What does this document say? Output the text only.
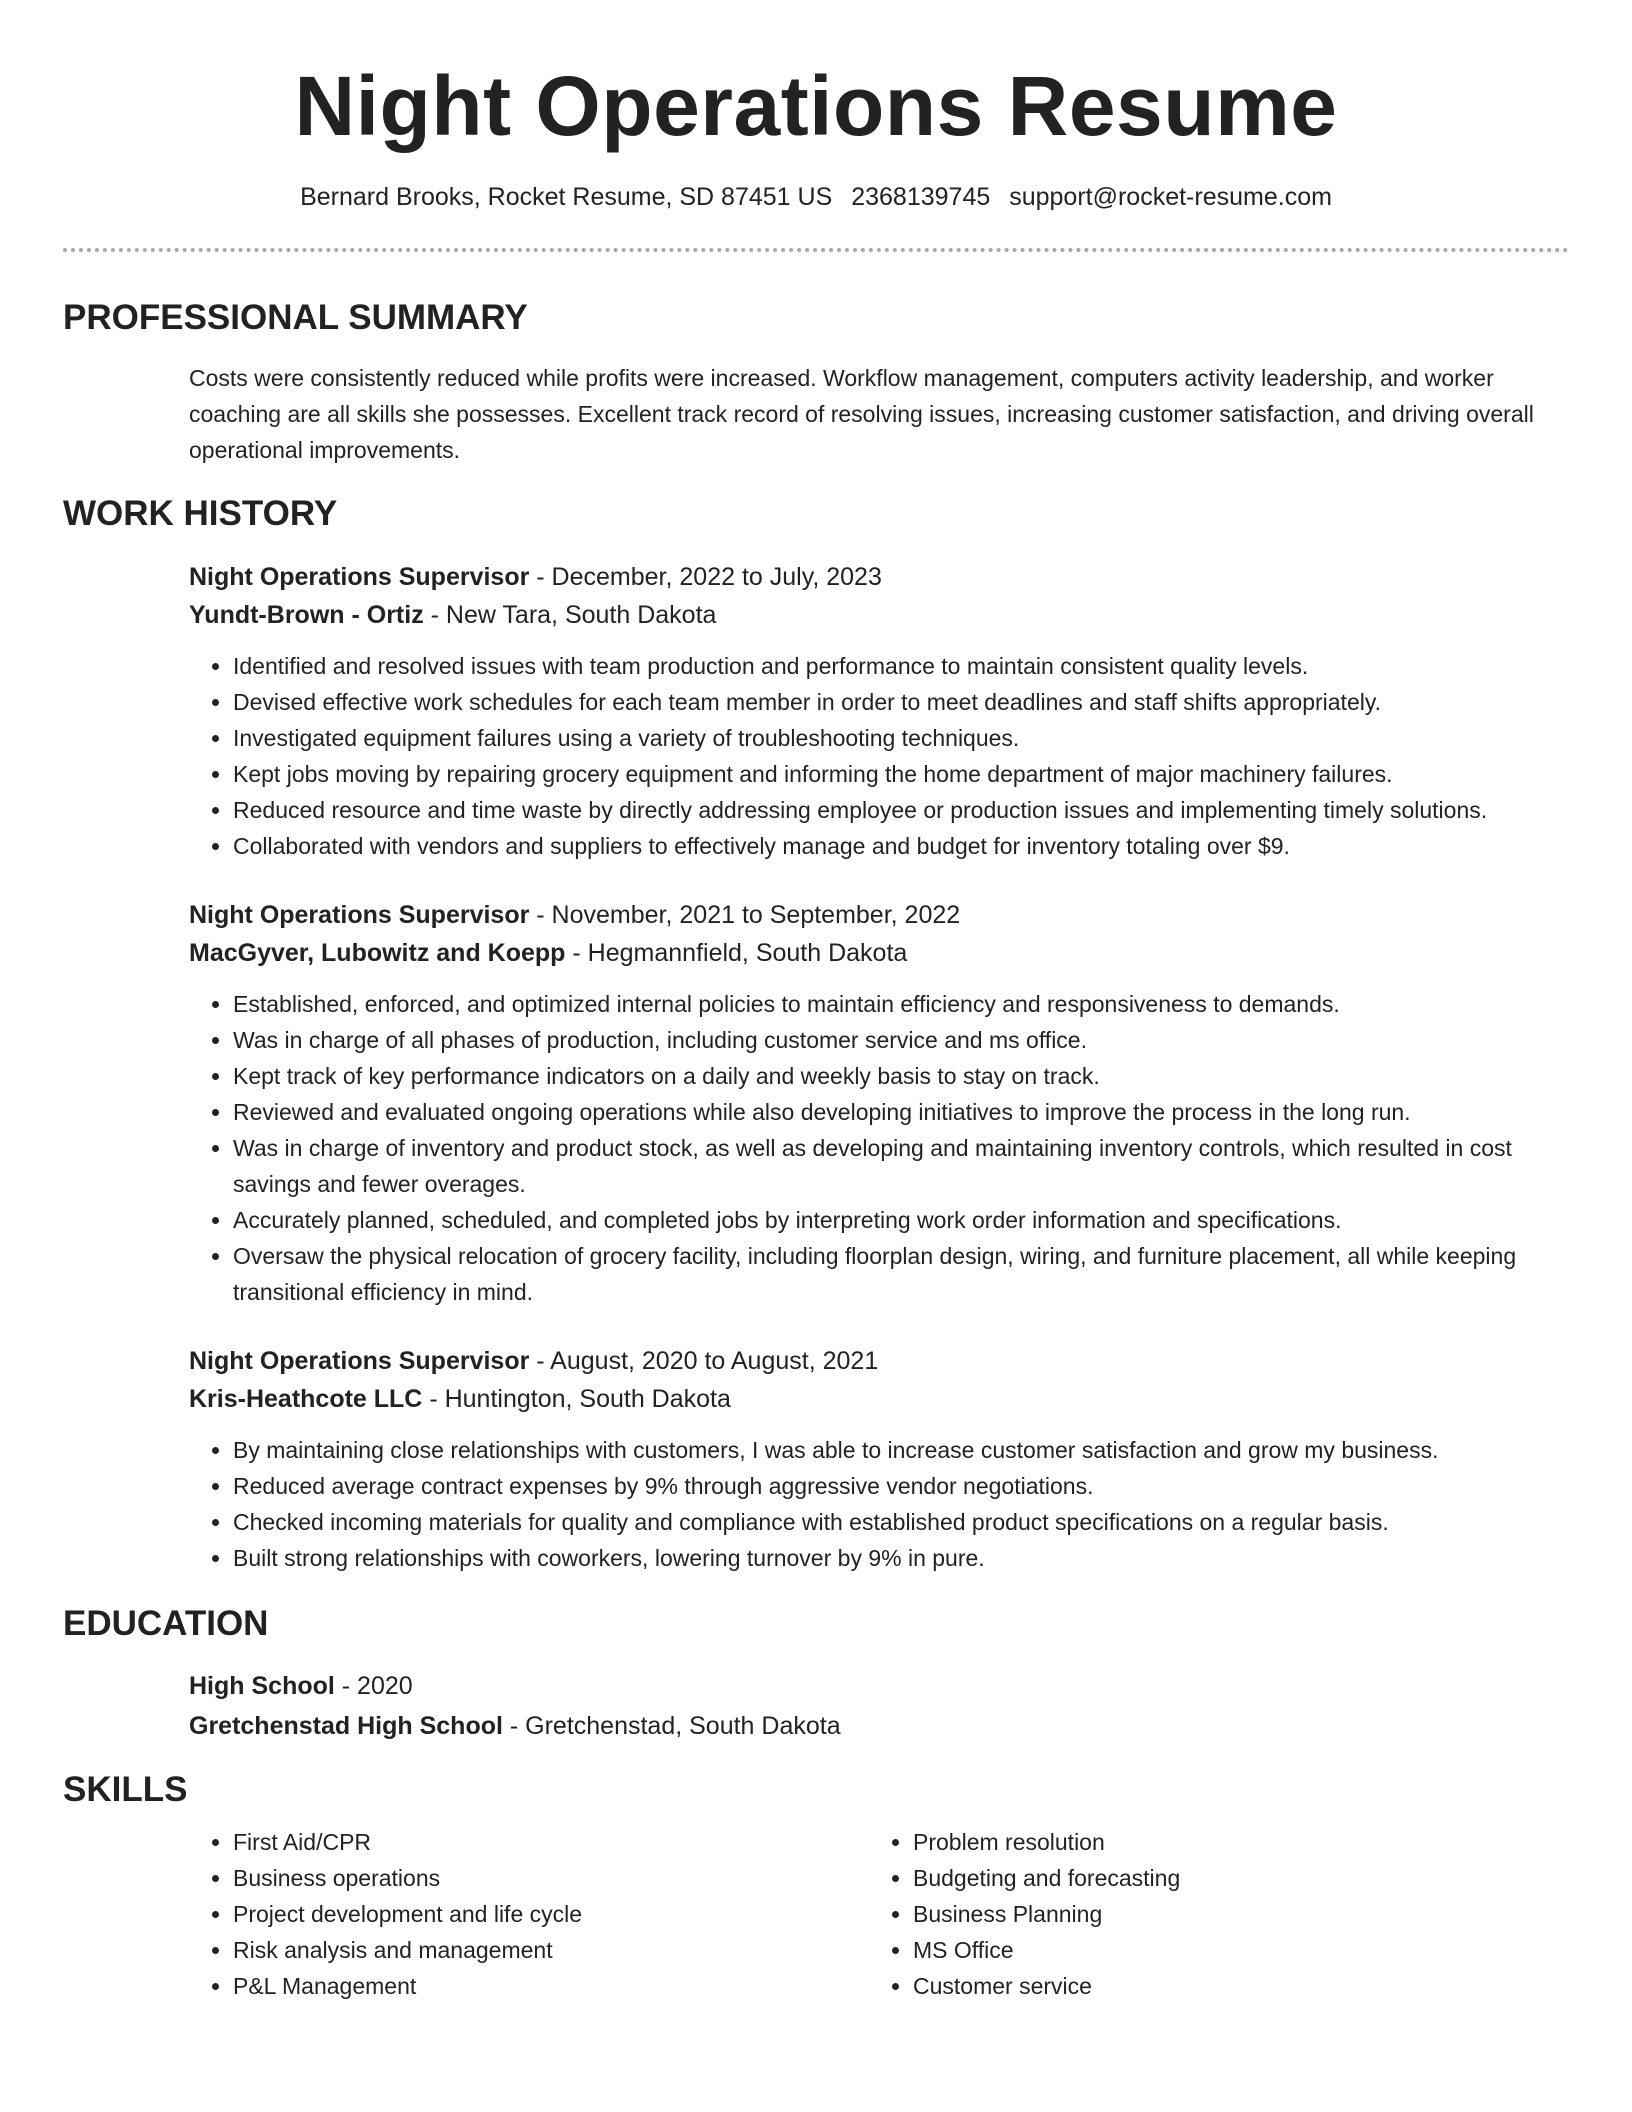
Night Operations Resume
Bernard Brooks, Rocket Resume, SD 87451 US 2368139745 support@rocket-resume.com
PROFESSIONAL SUMMARY

Costs were consistently reduced while profits were increased. Workflow management, computers activity leadership, and worker coaching are all skills she possesses. Excellent track record of resolving issues, increasing customer satisfaction, and driving overall operational improvements.

WORK HISTORY
Night Operations Supervisor - December, 2022 to July, 2023
Yundt-Brown - Ortiz - New Tara, South Dakota
• Identified and resolved issues with team production and performance to maintain consistent quality levels.
• Devised effective work schedules for each team member in order to meet deadlines and staff shifts appropriately.
• Investigated equipment failures using a variety of troubleshooting techniques.
• Kept jobs moving by repairing grocery equipment and informing the home department of major machinery failures.
• Reduced resource and time waste by directly addressing employee or production issues and implementing timely solutions.
• Collaborated with vendors and suppliers to effectively manage and budget for inventory totaling over $9.
Night Operations Supervisor - November, 2021 to September, 2022
MacGyver, Lubowitz and Koepp - Hegmannfield, South Dakota
• Established, enforced, and optimized internal policies to maintain efficiency and responsiveness to demands.
• Was in charge of all phases of production, including customer service and ms office.
• Kept track of key performance indicators on a daily and weekly basis to stay on track.
• Reviewed and evaluated ongoing operations while also developing initiatives to improve the process in the long run.
• Was in charge of inventory and product stock, as well as developing and maintaining inventory controls, which resulted in cost savings and fewer overages.
• Accurately planned, scheduled, and completed jobs by interpreting work order information and specifications.
• Oversaw the physical relocation of grocery facility, including floorplan design, wiring, and furniture placement, all while keeping transitional efficiency in mind.
Night Operations Supervisor - August, 2020 to August, 2021
Kris-Heathcote LLC - Huntington, South Dakota
• By maintaining close relationships with customers, I was able to increase customer satisfaction and grow my business.
• Reduced average contract expenses by 9% through aggressive vendor negotiations.
• Checked incoming materials for quality and compliance with established product specifications on a regular basis.
• Built strong relationships with coworkers, lowering turnover by 9% in pure.
EDUCATION
High School - 2020
Gretchenstad High School - Gretchenstad, South Dakota
SKILLS
• First Aid/CPR
• Business operations
• Project development and life cycle
• Risk analysis and management
• P&L Management
• Problem resolution
• Budgeting and forecasting
• Business Planning
• MS Office
• Customer service
